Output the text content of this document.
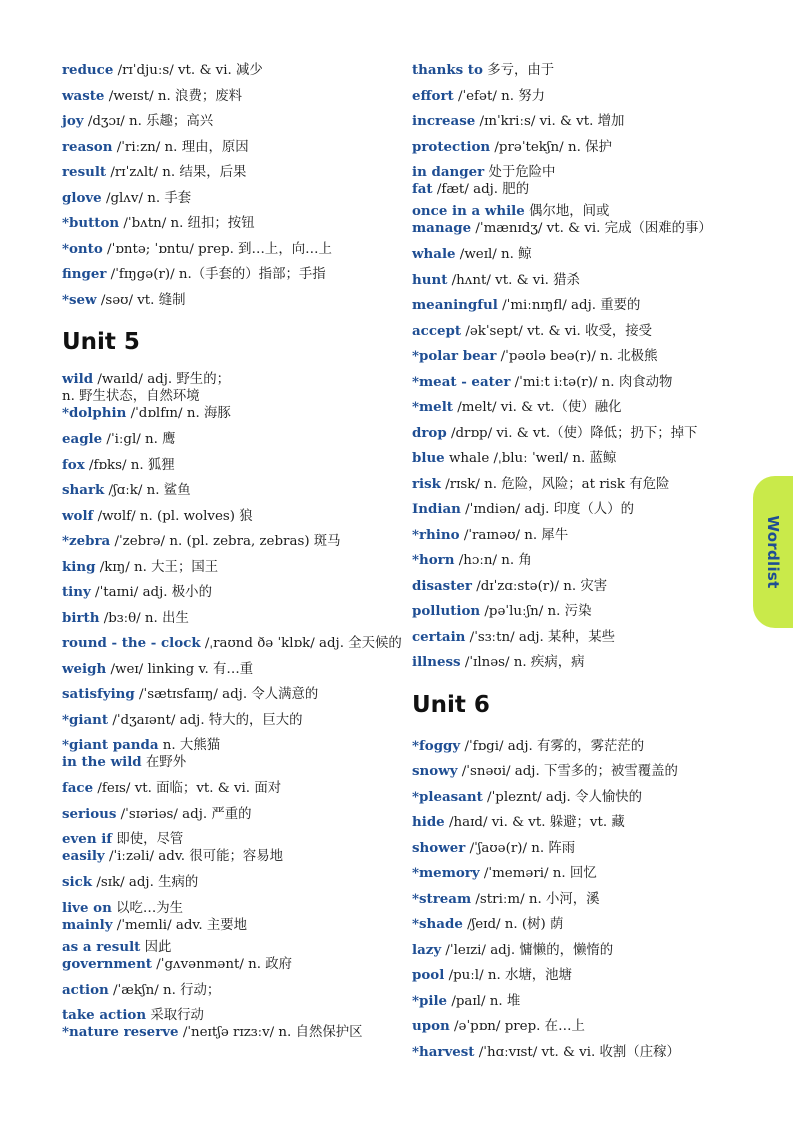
reduce /rɪˈdjuːs/ vt. & vi. 减少
waste /weɪst/ n. 浪费；废料
joy /dʒɔɪ/ n. 乐趣；高兴
reason /ˈriːzn/ n. 理由，原因
result /rɪˈzʌlt/ n. 结果，后果
glove /glʌv/ n. 手套
*button /ˈbʌtn/ n. 纽扣；按钮
*onto /ˈɒntə; ˈɒntu/ prep. 到…上，向…上
finger /ˈfɪŋgə(r)/ n.（手套的）指部；手指
*sew /səʊ/ vt. 缝制
Unit 5
wild /waɪld/ adj. 野生的；
n. 野生状态，自然环境
*dolphin /ˈdɒlfɪn/ n. 海豚
eagle /ˈiːgl/ n. 鹰
fox /fɒks/ n. 狐狸
shark /ʃɑːk/ n. 鲨鱼
wolf /wʊlf/ n. (pl. wolves) 狼
*zebra /ˈzebrə/ n. (pl. zebra, zebras) 斑马
king /kɪŋ/ n. 大王；国王
tiny /ˈtaɪni/ adj. 极小的
birth /bɜːθ/ n. 出生
round - the - clock /ˌraʊnd ðə ˈklɒk/ adj. 全天候的
weigh /weɪ/ linking v. 有…重
satisfying /ˈsætɪsfaɪɪŋ/ adj. 令人满意的
*giant /ˈdʒaɪənt/ adj. 特大的，巨大的
*giant panda n. 大熊猫
in the wild 在野外
face /feɪs/ vt. 面临；vt. & vi. 面对
serious /ˈsɪəriəs/ adj. 严重的
even if 即使，尽管
easily /ˈiːzəli/ adv. 很可能；容易地
sick /sɪk/ adj. 生病的
live on 以吃…为生
mainly /ˈmeɪnli/ adv. 主要地
as a result 因此
government /ˈgʌvənmənt/ n. 政府
action /ˈækʃn/ n. 行动；
take action 采取行动
*nature reserve /ˈneɪtʃə rɪzɜːv/ n. 自然保护区
thanks to 多亏，由于
effort /ˈefət/ n. 努力
increase /ɪnˈkriːs/ vi. & vt. 增加
protection /prəˈtekʃn/ n. 保护
in danger 处于危险中
fat /fæt/ adj. 肥的
once in a while 偶尔地，间或
manage /ˈmænɪdʒ/ vt. & vi. 完成（困难的事）
whale /weɪl/ n. 鲸
hunt /hʌnt/ vt. & vi. 猎杀
meaningful /ˈmiːnɪŋfl/ adj. 重要的
accept /əkˈsept/ vt. & vi. 收受，接受
*polar bear /ˈpəʊlə beə(r)/ n. 北极熊
*meat - eater /ˈmiːt iːtə(r)/ n. 肉食动物
*melt /melt/ vi. & vt.（使）融化
drop /drɒp/ vi. & vt.（使）降低；扔下；掉下
blue whale /ˌbluː ˈweɪl/ n. 蓝鲸
risk /rɪsk/ n. 危险，风险；at risk 有危险
Indian /ˈɪndiən/ adj. 印度（人）的
*rhino /ˈraɪnəʊ/ n. 犀牛
*horn /hɔːn/ n. 角
disaster /dɪˈzɑːstə(r)/ n. 灾害
pollution /pəˈluːʃn/ n. 污染
certain /ˈsɜːtn/ adj. 某种，某些
illness /ˈɪlnəs/ n. 疾病，病
Unit 6
*foggy /ˈfɒgi/ adj. 有雾的，雾茫茫的
snowy /ˈsnəʊi/ adj. 下雪多的；被雪覆盖的
*pleasant /ˈpleznt/ adj. 令人愉快的
hide /haɪd/ vi. & vt. 躲避；vt. 藏
shower /ˈʃaʊə(r)/ n. 阵雨
*memory /ˈmeməri/ n. 回忆
*stream /striːm/ n. 小河，溪
*shade /ʃeɪd/ n. (树) 荫
lazy /ˈleɪzi/ adj. 慵懒的，懒惰的
pool /puːl/ n. 水塘，池塘
*pile /paɪl/ n. 堆
upon /əˈpɒn/ prep. 在…上
*harvest /ˈhɑːvɪst/ vt. & vi. 收割（庄稼）
Wordlist
